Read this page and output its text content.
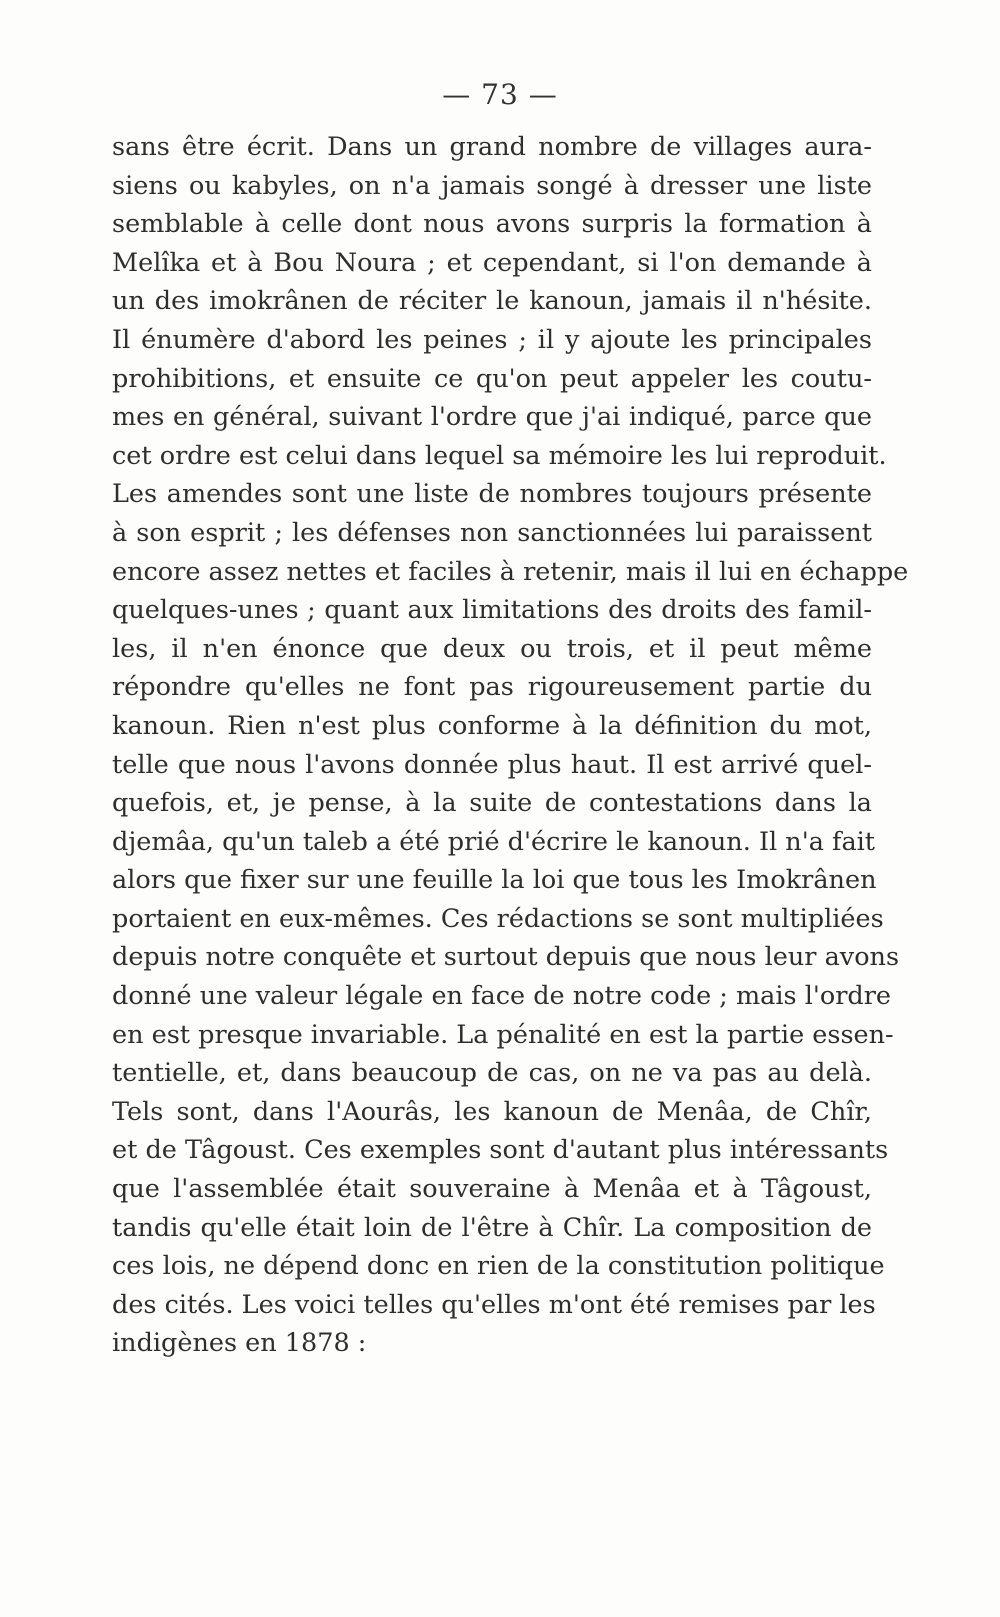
— 73 —
sans être écrit. Dans un grand nombre de villages aura-
siens ou kabyles, on n'a jamais songé à dresser une liste
semblable à celle dont nous avons surpris la formation à
Melîka et à Bou Noura ; et cependant, si l'on demande à
un des imokrânen de réciter le kanoun, jamais il n'hésite.
Il énumère d'abord les peines ; il y ajoute les principales
prohibitions, et ensuite ce qu'on peut appeler les coutu-
mes en général, suivant l'ordre que j'ai indiqué, parce que
cet ordre est celui dans lequel sa mémoire les lui reproduit.
Les amendes sont une liste de nombres toujours présente
à son esprit ; les défenses non sanctionnées lui paraissent
encore assez nettes et faciles à retenir, mais il lui en échappe
quelques-unes ; quant aux limitations des droits des famil-
les, il n'en énonce que deux ou trois, et il peut même
répondre qu'elles ne font pas rigoureusement partie du
kanoun. Rien n'est plus conforme à la définition du mot,
telle que nous l'avons donnée plus haut. Il est arrivé quel-
quefois, et, je pense, à la suite de contestations dans la
djemâa, qu'un taleb a été prié d'écrire le kanoun. Il n'a fait
alors que fixer sur une feuille la loi que tous les Imokrânen
portaient en eux-mêmes. Ces rédactions se sont multipliées
depuis notre conquête et surtout depuis que nous leur avons
donné une valeur légale en face de notre code ; mais l'ordre
en est presque invariable. La pénalité en est la partie essen-
tentielle, et, dans beaucoup de cas, on ne va pas au delà.
Tels sont, dans l'Aourâs, les kanoun de Menâa, de Chîr,
et de Tâgoust. Ces exemples sont d'autant plus intéressants
que l'assemblée était souveraine à Menâa et à Tâgoust,
tandis qu'elle était loin de l'être à Chîr. La composition de
ces lois, ne dépend donc en rien de la constitution politique
des cités. Les voici telles qu'elles m'ont été remises par les
indigènes en 1878 :
